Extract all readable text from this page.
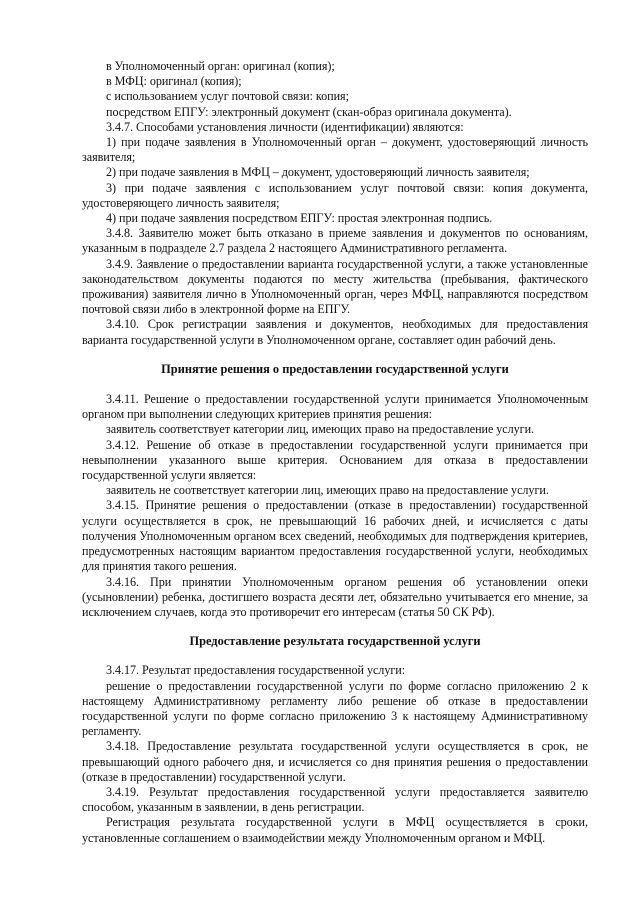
в Уполномоченный орган: оригинал (копия);

в МФЦ: оригинал (копия);

с использованием услуг почтовой связи: копия;

посредством ЕПГУ: электронный документ (скан-образ оригинала документа).

3.4.7. Способами установления личности (идентификации) являются:

1) при подаче заявления в Уполномоченный орган – документ, удостоверяющий личность заявителя;

2) при подаче заявления в МФЦ – документ, удостоверяющий личность заявителя;

3) при подаче заявления с использованием услуг почтовой связи: копия документа, удостоверяющего личность заявителя;

4) при подаче заявления посредством ЕПГУ: простая электронная подпись.

3.4.8. Заявителю может быть отказано в приеме заявления и документов по основаниям, указанным в подразделе 2.7 раздела 2 настоящего Административного регламента.

3.4.9. Заявление о предоставлении варианта государственной услуги, а также установленные законодательством документы подаются по месту жительства (пребывания, фактического проживания) заявителя лично в Уполномоченный орган, через МФЦ, направляются посредством почтовой связи либо в электронной форме на ЕПГУ.

3.4.10. Срок регистрации заявления и документов, необходимых для предоставления варианта государственной услуги в Уполномоченном органе, составляет один рабочий день.

Принятие решения о предоставлении государственной услуги

3.4.11. Решение о предоставлении государственной услуги принимается Уполномоченным органом при выполнении следующих критериев принятия решения:

заявитель соответствует категории лиц, имеющих право на предоставление услуги.

3.4.12. Решение об отказе в предоставлении государственной услуги принимается при невыполнении указанного выше критерия. Основанием для отказа в предоставлении государственной услуги является:

заявитель не соответствует категории лиц, имеющих право на предоставление услуги.

3.4.15. Принятие решения о предоставлении (отказе в предоставлении) государственной услуги осуществляется в срок, не превышающий 16 рабочих дней, и исчисляется с даты получения Уполномоченным органом всех сведений, необходимых для подтверждения критериев, предусмотренных настоящим вариантом предоставления государственной услуги, необходимых для принятия такого решения.

3.4.16. При принятии Уполномоченным органом решения об установлении опеки (усыновлении) ребенка, достигшего возраста десяти лет, обязательно учитывается его мнение, за исключением случаев, когда это противоречит его интересам (статья 50 СК РФ).

Предоставление результата государственной услуги

3.4.17. Результат предоставления государственной услуги:

решение о предоставлении государственной услуги по форме согласно приложению 2 к настоящему Административному регламенту либо решение об отказе в предоставлении государственной услуги по форме согласно приложению 3 к настоящему Административному регламенту.

3.4.18. Предоставление результата государственной услуги осуществляется в срок, не превышающий одного рабочего дня, и исчисляется со дня принятия решения о предоставлении (отказе в предоставлении) государственной услуги.

3.4.19. Результат предоставления государственной услуги предоставляется заявителю способом, указанным в заявлении, в день регистрации.

Регистрация результата государственной услуги в МФЦ осуществляется в сроки, установленные соглашением о взаимодействии между Уполномоченным органом и МФЦ.
